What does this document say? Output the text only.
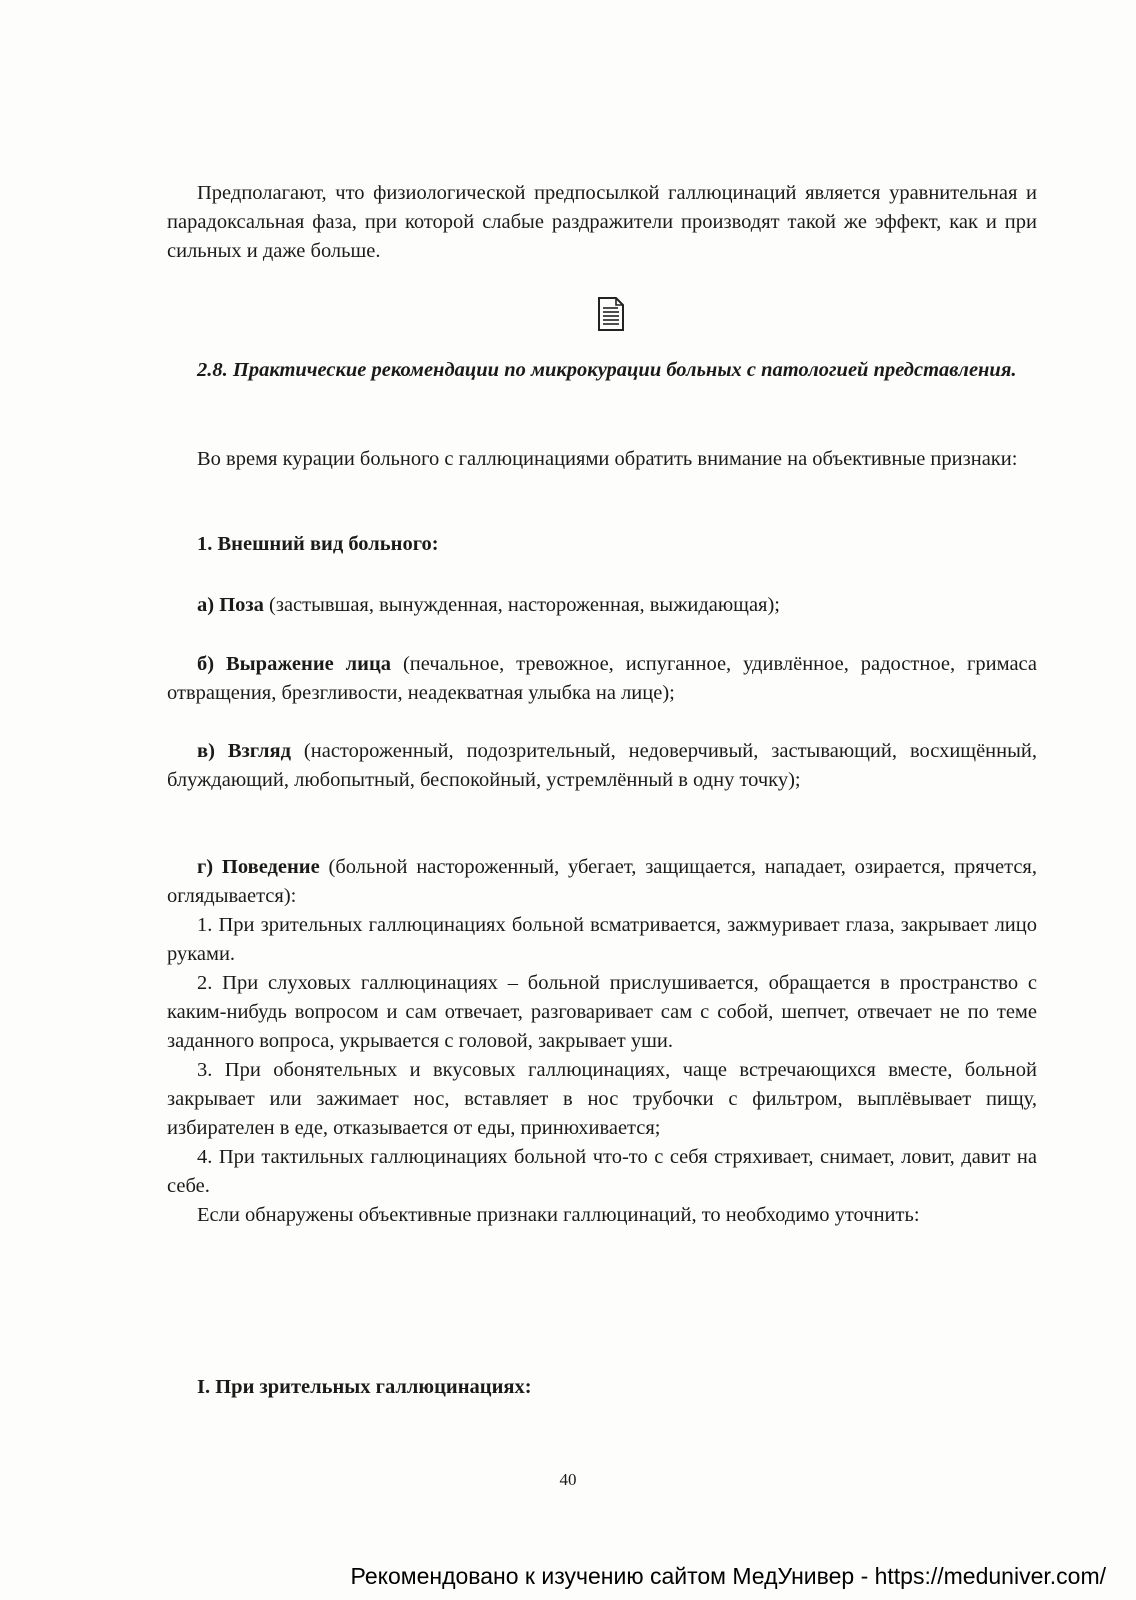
Предполагают, что физиологической предпосылкой галлюцинаций является уравнительная и парадоксальная фаза, при которой слабые раздражители производят такой же эффект, как и при сильных и даже больше.

2.8. Практические рекомендации по микрокурации больных с патологией представления.

Во время курации больного с галлюцинациями обратить внимание на объективные признаки:

1. Внешний вид больного:

а) Поза (застывшая, вынужденная, настороженная, выжидающая);

б) Выражение лица (печальное, тревожное, испуганное, удивлённое, радостное, гримаса отвращения, брезгливости, неадекватная улыбка на лице);

в) Взгляд (настороженный, подозрительный, недоверчивый, застывающий, восхищённый, блуждающий, любопытный, беспокойный, устремлённый в одну точку);

г) Поведение (больной настороженный, убегает, защищается, нападает, озирается, прячется, оглядывается):

1. При зрительных галлюцинациях больной всматривается, зажмуривает глаза, закрывает лицо руками.

2. При слуховых галлюцинациях – больной прислушивается, обращается в пространство с каким-нибудь вопросом и сам отвечает, разговаривает сам с собой, шепчет, отвечает не по теме заданного вопроса, укрывается с головой, закрывает уши.

3. При обонятельных и вкусовых галлюцинациях, чаще встречающихся вместе, больной закрывает или зажимает нос, вставляет в нос трубочки с фильтром, выплёвывает пищу, избирателен в еде, отказывается от еды, принюхивается;

4. При тактильных галлюцинациях больной что-то с себя стряхивает, снимает, ловит, давит на себе.

Если обнаружены объективные признаки галлюцинаций, то необходимо уточнить:

I. При зрительных галлюцинациях:

40
Рекомендовано к изучению сайтом МедУнивер - https://meduniver.com/
